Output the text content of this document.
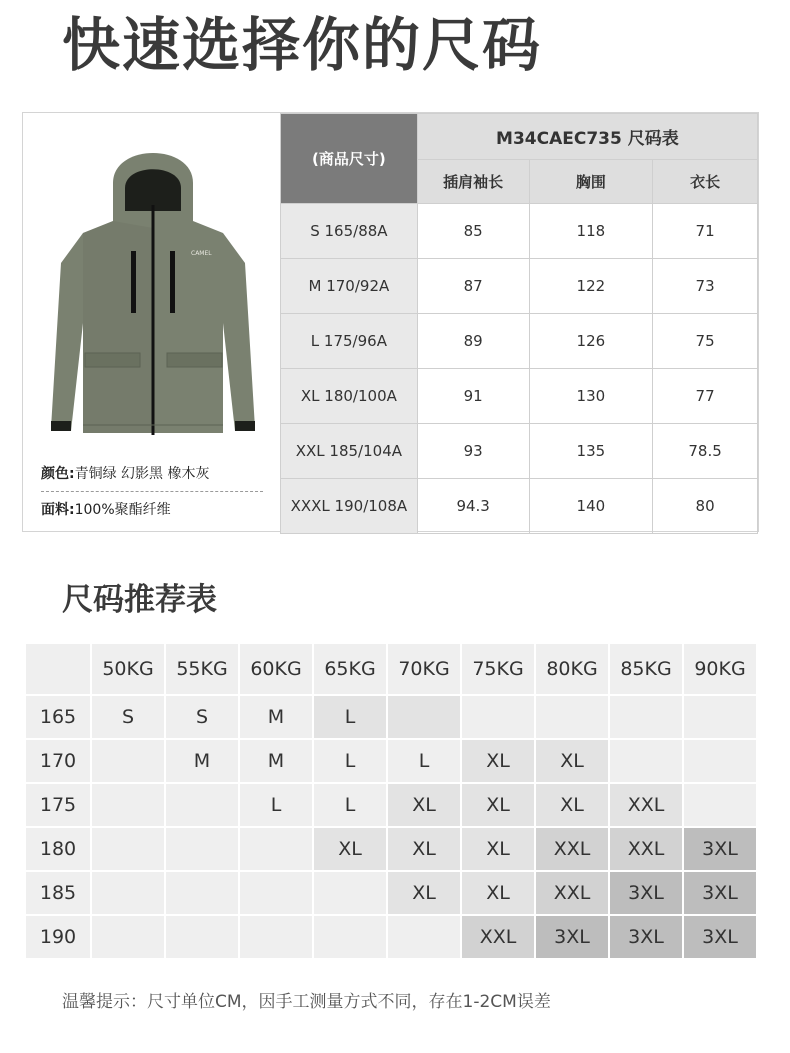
快速选择你的尺码
CAMEL
颜色:青铜绿 幻影黑 橡木灰
面料:100%聚酯纤维
(商品尺寸)	M34CAEC735 尺码表		
	插肩袖长	胸围	衣长
S 165/88A	85	118	71
M 170/92A	87	122	73
L 175/96A	89	126	75
XL 180/100A	91	130	77
XXL 185/104A	93	135	78.5
XXXL 190/108A	94.3	140	80
尺码推荐表
	50KG	55KG	60KG	65KG	70KG	75KG	80KG	85KG	90KG
165	S	S	M	L					
170		M	M	L	L	XL	XL		
175			L	L	XL	XL	XL	XXL	
180				XL	XL	XL	XXL	XXL	3XL
185					XL	XL	XXL	3XL	3XL
190						XXL	3XL	3XL	3XL
温馨提示：尺寸单位CM，因手工测量方式不同，存在1-2CM误差
